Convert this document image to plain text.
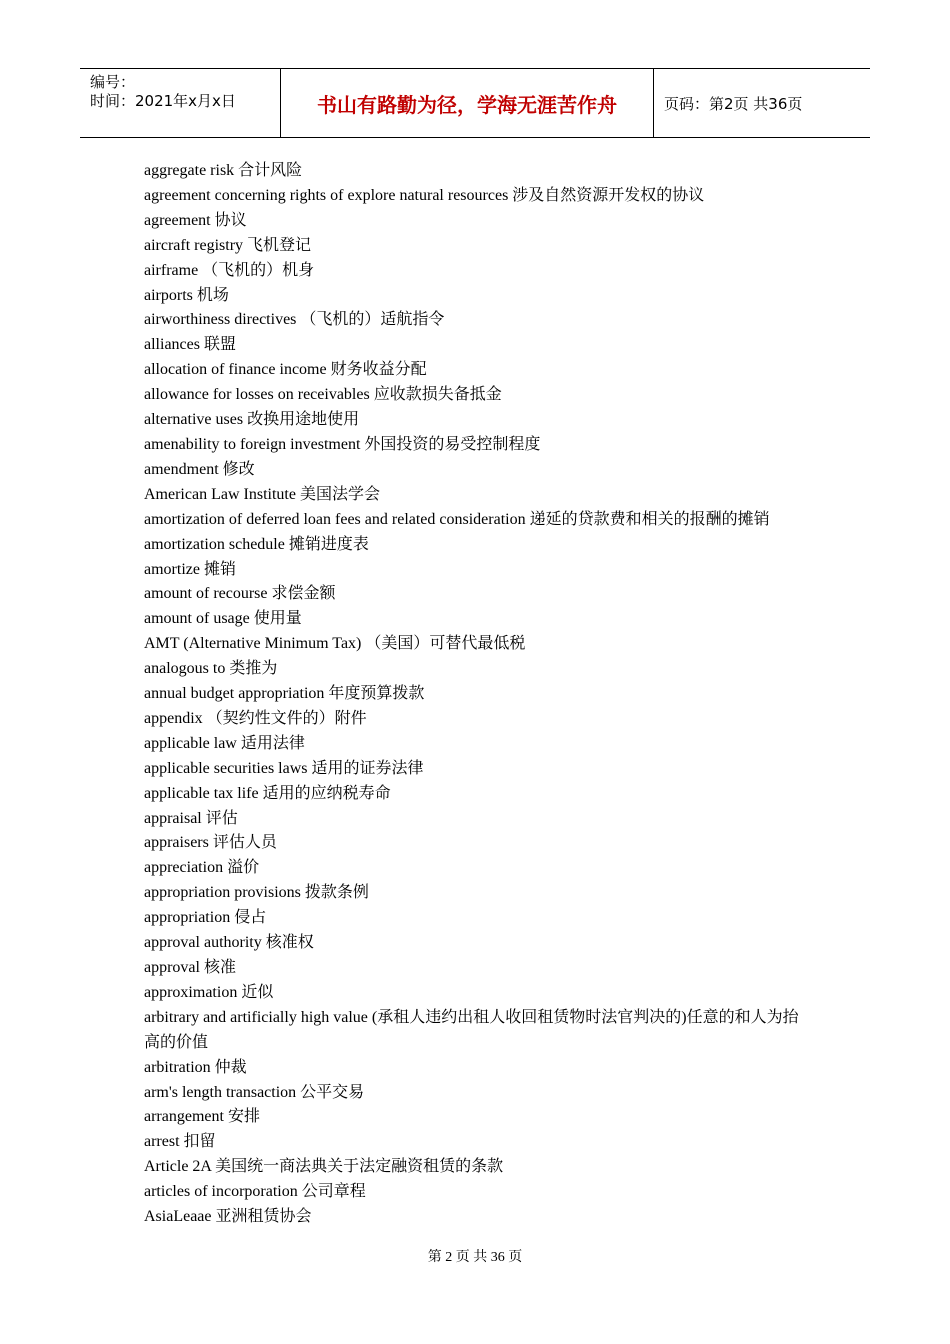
编号：
时间：2021年x月x日	书山有路勤为径，学海无涯苦作舟	页码：第2页 共36页
aggregate risk 合计风险
agreement concerning rights of explore natural resources 涉及自然资源开发权的协议
agreement 协议
aircraft registry 飞机登记
airframe （飞机的）机身
airports 机场
airworthiness directives （飞机的）适航指令
alliances 联盟
allocation of finance income 财务收益分配
allowance for losses on receivables 应收款损失备抵金
alternative uses 改换用途地使用
amenability to foreign investment 外国投资的易受控制程度
amendment 修改
American Law Institute 美国法学会
amortization of deferred loan fees and related consideration 递延的贷款费和相关的报酬的摊销
amortization schedule 摊销进度表
amortize 摊销
amount of recourse 求偿金额
amount of usage 使用量
AMT (Alternative Minimum Tax) （美国）可替代最低税
analogous to 类推为
annual budget appropriation 年度预算拨款
appendix （契约性文件的）附件
applicable law 适用法律
applicable securities laws 适用的证券法律
applicable tax life 适用的应纳税寿命
appraisal 评估
appraisers 评估人员
appreciation 溢价
appropriation provisions 拨款条例
appropriation 侵占
approval authority 核准权
approval 核准
approximation 近似
arbitrary and artificially high value (承租人违约出租人收回租赁物时法官判决的)任意的和人为抬高的价值
arbitration 仲裁
arm's length transaction 公平交易
arrangement 安排
arrest 扣留
Article 2A 美国统一商法典关于法定融资租赁的条款
articles of incorporation 公司章程
AsiaLeaae 亚洲租赁协会
第 2 页 共 36 页
